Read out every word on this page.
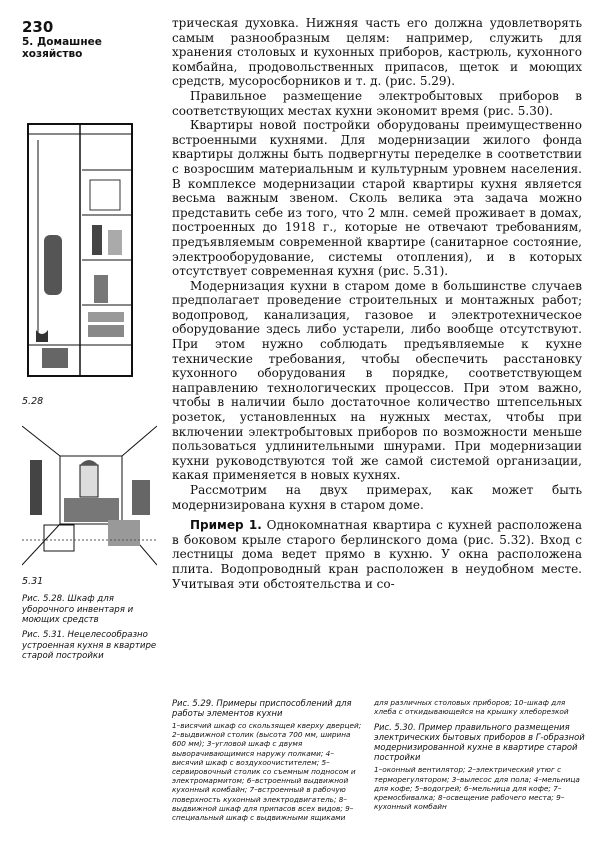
230
5. Домашнее хозяйство
5.28
5.31
Рис. 5.28. Шкаф для уборочного инвентаря и моющих средств
Рис. 5.31. Нецелесообразно устроенная кухня в квартире старой постройки

трическая духовка. Нижняя часть его должна удовлетворять самым разнообразным целям: например, служить для хранения столовых и кухонных приборов, кастрюль, кухонного комбайна, продовольственных припасов, щеток и моющих средств, мусоросборников и т. д. (рис. 5.29).

Правильное размещение электробытовых приборов в соответствующих местах кухни экономит время (рис. 5.30).

Квартиры новой постройки оборудованы преимущественно встроенными кухнями. Для модернизации жилого фонда квартиры должны быть подвергнуты переделке в соответствии с возросшим материальным и культурным уровнем населения. В комплексе модернизации старой квартиры кухня является весьма важным звеном. Сколь велика эта задача можно представить себе из того, что 2 млн. семей проживает в домах, построенных до 1918 г., которые не отвечают требованиям, предъявляемым современной квартире (санитарное состояние, электрооборудование, системы отопления), и в которых отсутствует современная кухня (рис. 5.31).

Модернизация кухни в старом доме в большинстве случаев предполагает проведение строительных и монтажных работ; водопровод, канализация, газовое и электротехническое оборудование здесь либо устарели, либо вообще отсутствуют. При этом нужно соблюдать предъявляемые к кухне технические требования, чтобы обеспечить расстановку кухонного оборудования в порядке, соответствующем направлению технологических процессов. При этом важно, чтобы в наличии было достаточное количество штепсельных розеток, установленных на нужных местах, чтобы при включении электробытовых приборов по возможности меньше пользоваться удлинительными шнурами. При модернизации кухни руководствуются той же самой системой организации, какая применяется в новых кухнях.

Рассмотрим на двух примерах, как может быть модернизирована кухня в старом доме.

Пример 1. Однокомнатная квартира с кухней расположена в боковом крыле старого берлинского дома (рис. 5.32). Вход с лестницы дома ведет прямо в кухню. У окна расположена плита. Водопроводный кран расположен в неудобном месте. Учитывая эти обстоятельства и со-

Рис. 5.29. Примеры приспособлений для работы элементов кухни
1–висячий шкаф со скользящей кверху дверцей; 2–выдвижной столик (высота 700 мм, ширина 600 мм); 3–угловой шкаф с двумя выворачивающимися наружу полками; 4–висячий шкаф с воздухоочистителем; 5–сервировочный столик со съемным подносом и электромармитом; 6–встроенный выдвижной кухонный комбайн; 7–встроенный в рабочую поверхность кухонный электродвигатель; 8–выдвижной шкаф для припасов всех видов; 9–специальный шкаф с выдвижными ящиками
для различных столовых приборов; 10–шкаф для хлеба с откидывающейся на крышку хлеборезкой
Рис. 5.30. Пример правильного размещения электрических бытовых приборов в Г-образной модернизированной кухне в квартире старой постройки
1–оконный вентилятор; 2–электрический утюг с терморегулятором; 3–вылесос для пола; 4–мельница для кофе; 5–водогрей; 6–мельница для кофе; 7–кремосбивалка; 8–освещение рабочего места; 9–кухонный комбайн
